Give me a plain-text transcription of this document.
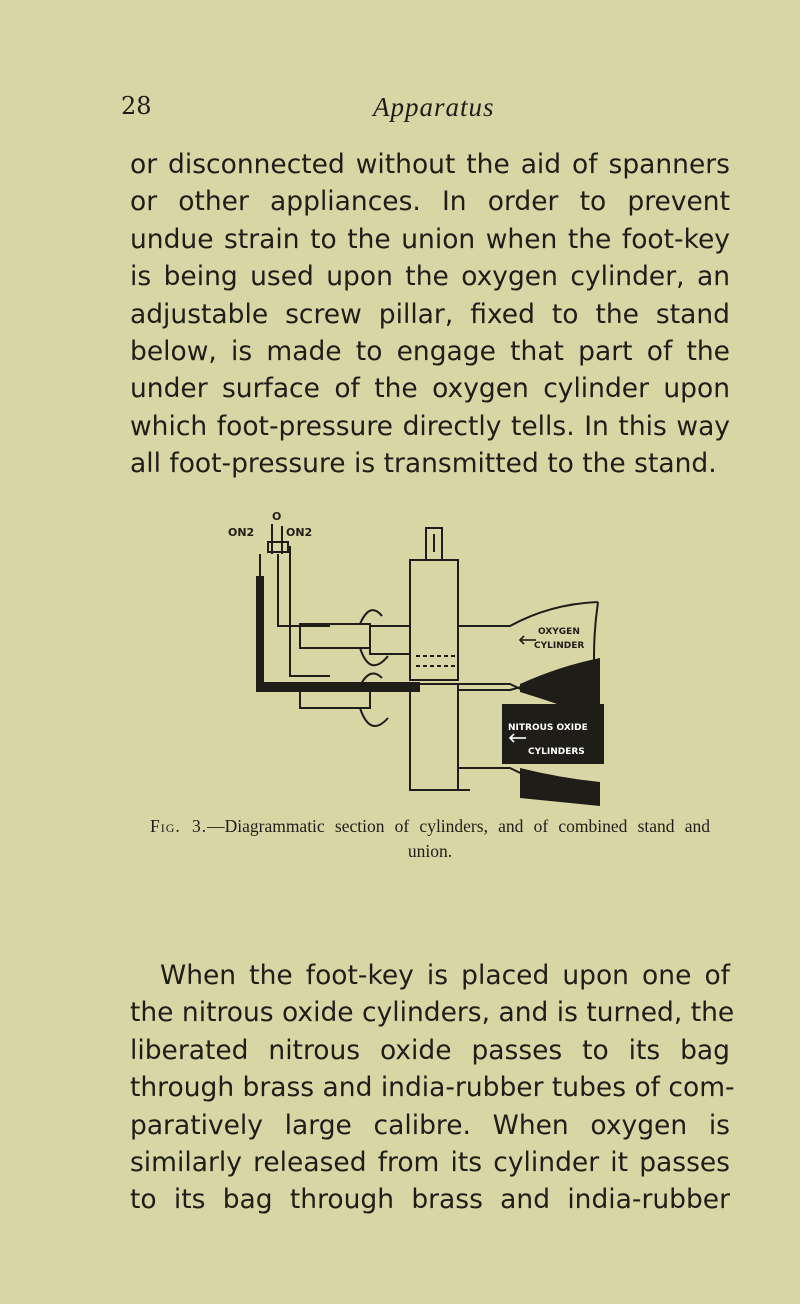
28	Apparatus
or disconnected without the aid of spanners
or other appliances. In order to prevent
undue strain to the union when the foot-key
is being used upon the oxygen cylinder, an
adjustable screw pillar, fixed to the stand
below, is made to engage that part of the
under surface of the oxygen cylinder upon
which foot-pressure directly tells. In this way
all foot-pressure is transmitted to the stand.
O
ON2	ON2
OXYGEN
CYLINDER
NITROUS OXIDE
CYLINDERS
Fig. 3.—Diagrammatic section of cylinders, and of combined stand and
union.
When the foot-key is placed upon one of
the nitrous oxide cylinders, and is turned, the
liberated nitrous oxide passes to its bag
through brass and india-rubber tubes of com-
paratively large calibre. When oxygen is
similarly released from its cylinder it passes
to its bag through brass and india-rubber
